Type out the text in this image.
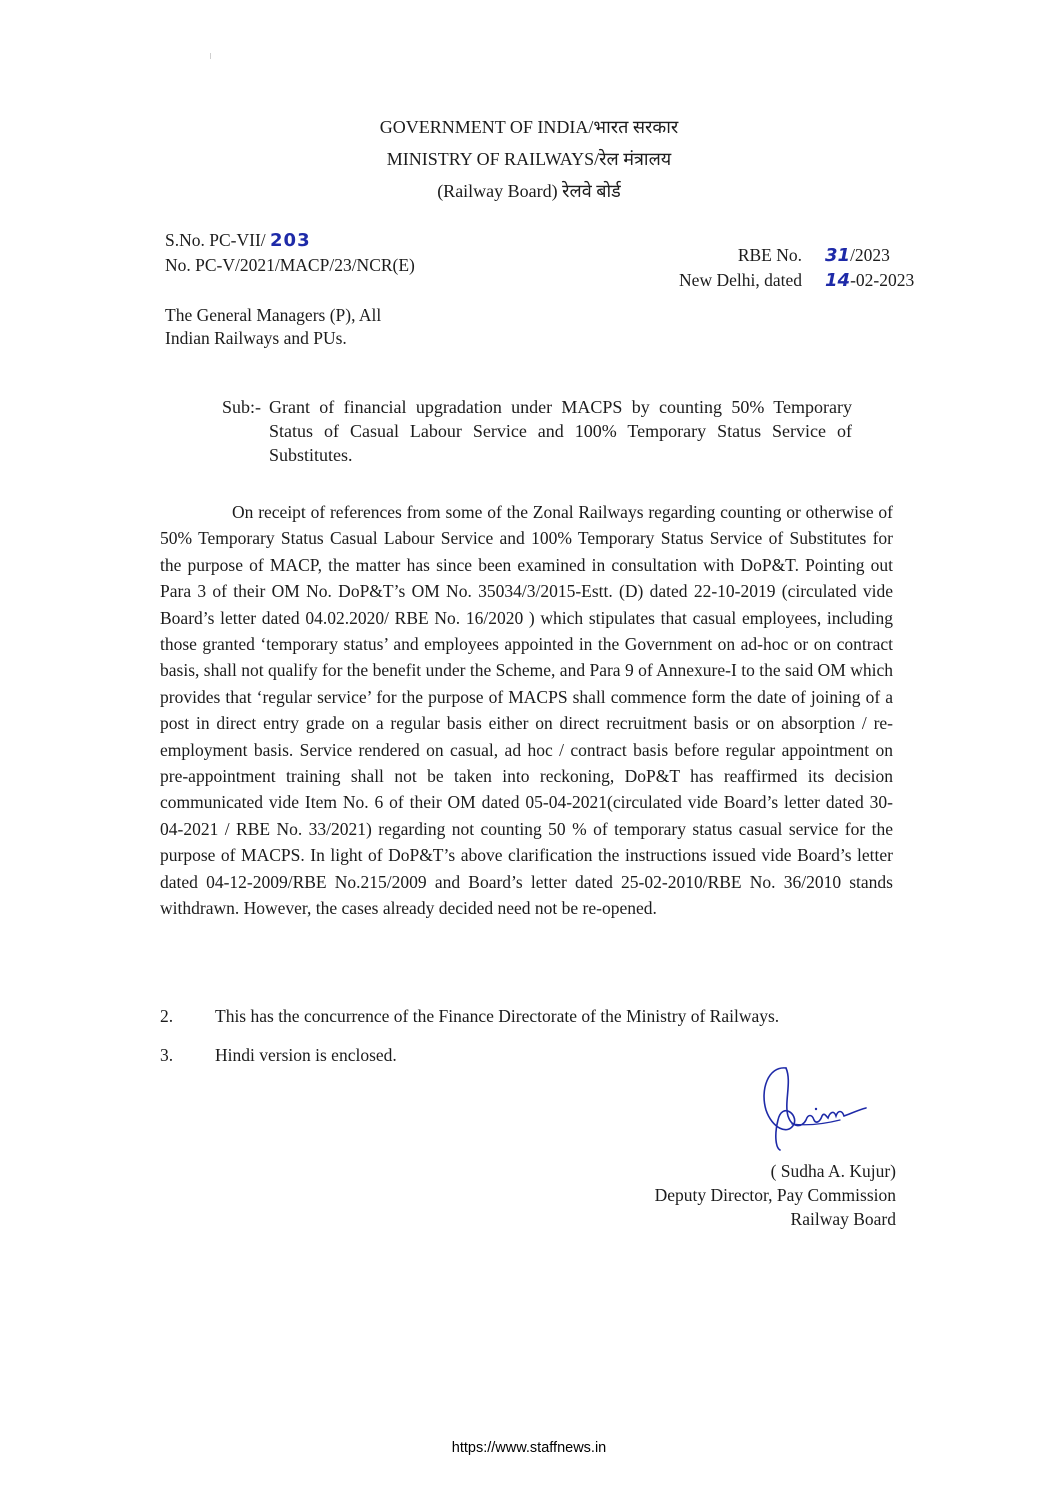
GOVERNMENT OF INDIA/भारत सरकार
MINISTRY OF RAILWAYS/रेल मंत्रालय
(Railway Board) रेलवे बोर्ड
S.No. PC-VII/ 203
No. PC-V/2021/MACP/23/NCR(E)	RBE No.
New Delhi, dated
31/2023
14-02-2023
The General Managers (P), All
Indian Railways and PUs.
Sub:- Grant of financial upgradation under MACPS by counting 50% Temporary Status of Casual Labour Service and 100% Temporary Status Service of Substitutes.

On receipt of references from some of the Zonal Railways regarding counting or otherwise of 50% Temporary Status Casual Labour Service and 100% Temporary Status Service of Substitutes for the purpose of MACP, the matter has since been examined in consultation with DoP&T. Pointing out Para 3 of their OM No. DoP&T’s OM No. 35034/3/2015-Estt. (D) dated 22-10-2019 (circulated vide Board’s letter dated 04.02.2020/ RBE No. 16/2020 ) which stipulates that casual employees, including those granted ‘temporary status’ and employees appointed in the Government on ad-hoc or on contract basis, shall not qualify for the benefit under the Scheme, and Para 9 of Annexure-I to the said OM which provides that ‘regular service’ for the purpose of MACPS shall commence form the date of joining of a post in direct entry grade on a regular basis either on direct recruitment basis or on absorption / re- employment basis. Service rendered on casual, ad hoc / contract basis before regular appointment on pre-appointment training shall not be taken into reckoning, DoP&T has reaffirmed its decision communicated vide Item No. 6 of their OM dated 05-04-2021(circulated vide Board’s letter dated 30-04-2021 / RBE No. 33/2021) regarding not counting 50 % of temporary status casual service for the purpose of MACPS. In light of DoP&T’s above clarification the instructions issued vide Board’s letter dated 04-12-2009/RBE No.215/2009 and Board’s letter dated 25-02-2010/RBE No. 36/2010 stands withdrawn. However, the cases already decided need not be re-opened.

2.	This has the concurrence of the Finance Directorate of the Ministry of Railways.
3.	Hindi version is enclosed.
( Sudha A. Kujur)
Deputy Director, Pay Commission
Railway Board
https://www.staffnews.in
